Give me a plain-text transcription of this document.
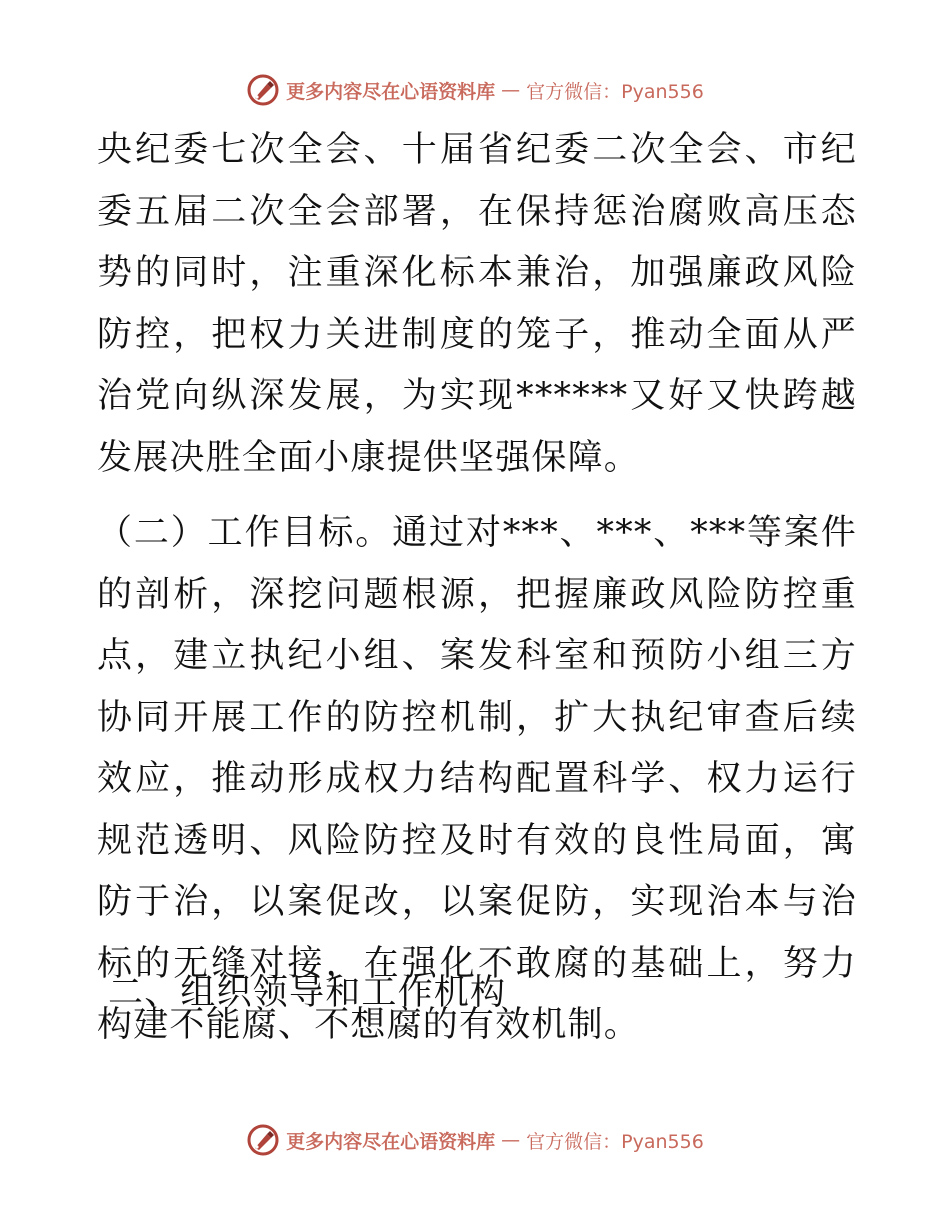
更多内容尽在心语资料库 — 官方微信：Pyan556

央纪委七次全会、十届省纪委二次全会、市纪委五届二次全会部署，在保持惩治腐败高压态势的同时，注重深化标本兼治，加强廉政风险防控，把权力关进制度的笼子，推动全面从严治党向纵深发展，为实现******又好又快跨越发展决胜全面小康提供坚强保障。

（二）工作目标。通过对***、***、***等案件的剖析，深挖问题根源，把握廉政风险防控重点，建立执纪小组、案发科室和预防小组三方协同开展工作的防控机制，扩大执纪审查后续效应，推动形成权力结构配置科学、权力运行规范透明、风险防控及时有效的良性局面，寓防于治，以案促改，以案促防，实现治本与治标的无缝对接，在强化不敢腐的基础上，努力构建不能腐、不想腐的有效机制。

二、组织领导和工作机构
更多内容尽在心语资料库 — 官方微信：Pyan556
